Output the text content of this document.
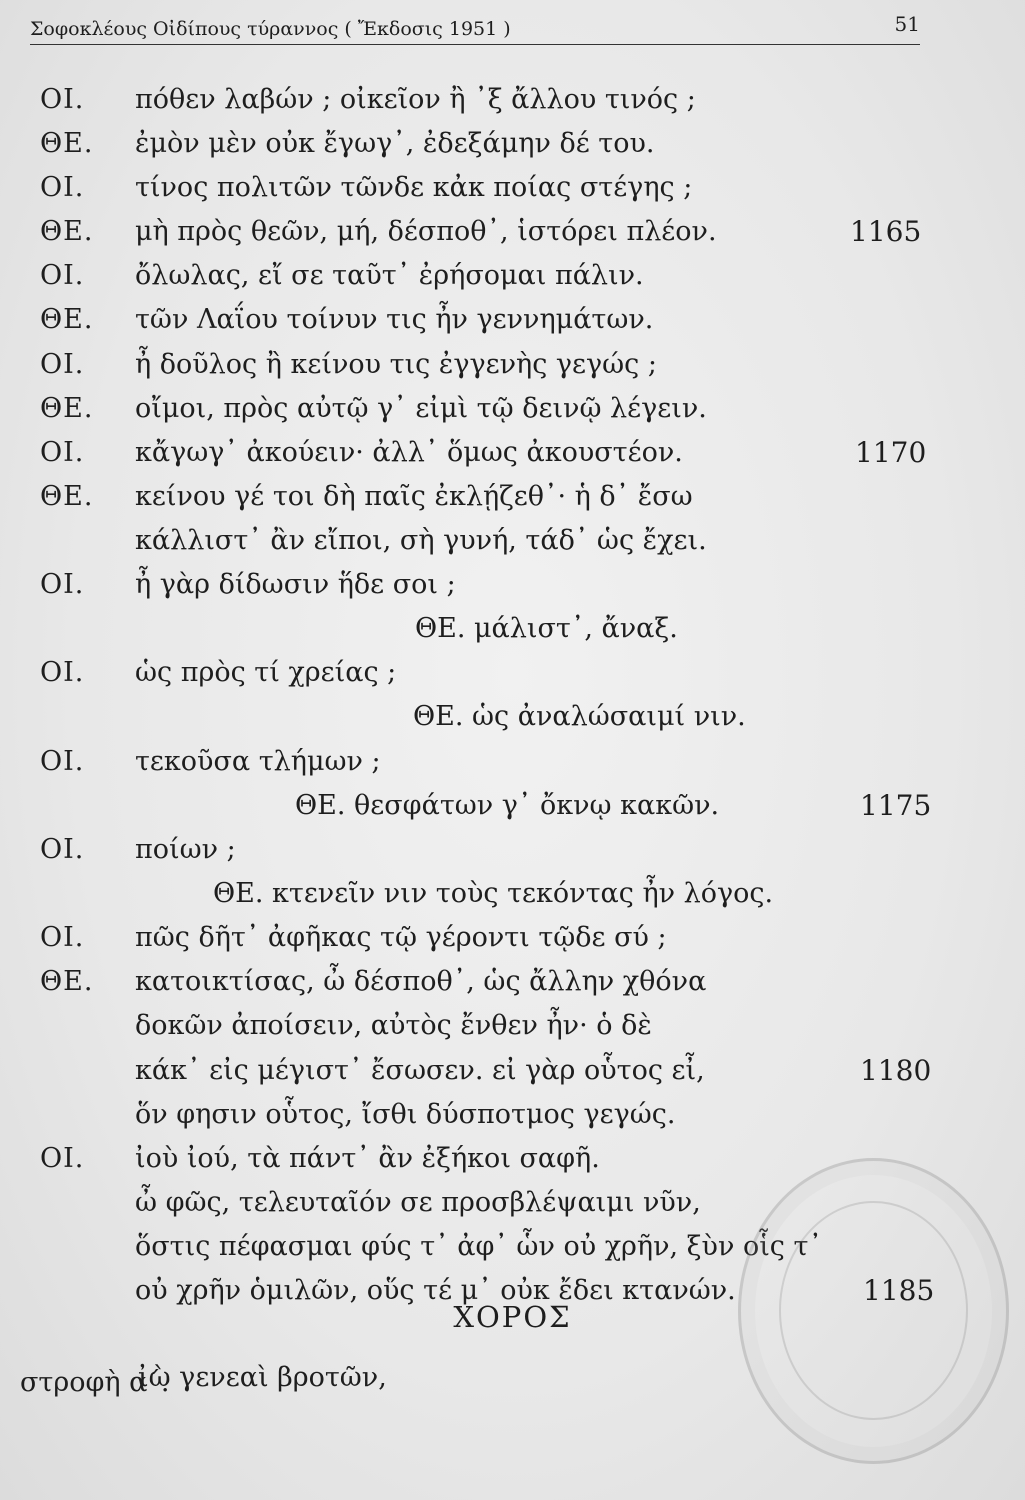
Σοφοκλέους Οἰδίπους τύραννος ( Ἔκδοσις 1951 )	51
ΟΙ. πόθεν λαβών ; οἰκεῖον ἢ ᾿ξ ἄλλου τινός ;
ΘΕ. ἐμὸν μὲν οὐκ ἔγωγ᾿, ἐδεξάμην δέ του.
ΟΙ. τίνος πολιτῶν τῶνδε κἀκ ποίας στέγης ;
ΘΕ. μὴ πρὸς θεῶν, μή, δέσποθ᾿, ἱστόρει πλέον.	1165
ΟΙ. ὄλωλας, εἴ σε ταῦτ᾿ ἐρήσομαι πάλιν.
ΘΕ. τῶν Λαΐου τοίνυν τις ἦν γεννημάτων.
ΟΙ. ἦ δοῦλος ἢ κείνου τις ἐγγενὴς γεγώς ;
ΘΕ. οἴμοι, πρὸς αὐτῷ γ᾿ εἰμὶ τῷ δεινῷ λέγειν.
ΟΙ. κἄγωγ᾿ ἀκούειν· ἀλλ᾿ ὅμως ἀκουστέον.	1170
ΘΕ. κείνου γέ τοι δὴ παῖς ἐκλῄζεθ᾿· ἡ δ᾿ ἔσω
κάλλιστ᾿ ἂν εἴποι, σὴ γυνή, τάδ᾿ ὡς ἔχει.
ΟΙ. ἦ γὰρ δίδωσιν ἥδε σοι ;
ΘΕ. μάλιστ᾿, ἄναξ.
ΟΙ. ὡς πρὸς τί χρείας ;
ΘΕ. ὡς ἀναλώσαιμί νιν.
ΟΙ. τεκοῦσα τλήμων ;
ΘΕ. θεσφάτων γ᾿ ὄκνῳ κακῶν.	1175
ΟΙ. ποίων ;
ΘΕ. κτενεῖν νιν τοὺς τεκόντας ἦν λόγος.
ΟΙ. πῶς δῆτ᾿ ἀφῆκας τῷ γέροντι τῷδε σύ ;
ΘΕ. κατοικτίσας, ὦ δέσποθ᾿, ὡς ἄλλην χθόνα
δοκῶν ἀποίσειν, αὐτὸς ἔνθεν ἦν· ὁ δὲ
κάκ᾿ εἰς μέγιστ᾿ ἔσωσεν. εἰ γὰρ οὗτος εἶ,	1180
ὅν φησιν οὗτος, ἴσθι δύσποτμος γεγώς.
ΟΙ. ἰοὺ ἰού, τὰ πάντ᾿ ἂν ἐξήκοι σαφῆ.
ὦ φῶς, τελευταῖόν σε προσβλέψαιμι νῦν,
ὅστις πέφασμαι φύς τ᾿ ἀφ᾿ ὧν οὐ χρῆν, ξὺν οἷς τ᾿
οὐ χρῆν ὁμιλῶν, οὕς τέ μ᾿ οὐκ ἔδει κτανών.	1185
ΧΟΡΟΣ
στροφὴ α΄.
ἰὼ γενεαὶ βροτῶν,
